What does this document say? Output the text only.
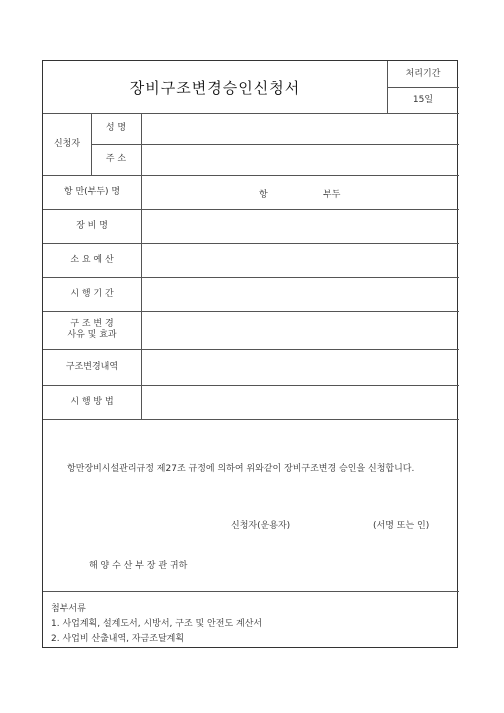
장비구조변경승인신청서
처리기간
15일
신청자
성 명
주 소
항 만(부두) 명	항	부두
장 비 명
소 요 예 산
시 행 기 간
구 조 변 경
사유 및 효과
구조변경내역
시 행 방 법
항만장비시설관리규정 제27조 규정에 의하여 위와같이 장비구조변경 승인을 신청합니다.
신청자(운용자)	(서명 또는 인)
해 양 수 산 부 장 관 귀하
첨부서류
1. 사업계획, 설계도서, 시방서, 구조 및 안전도 계산서
2. 사업비 산출내역, 자금조달계획
